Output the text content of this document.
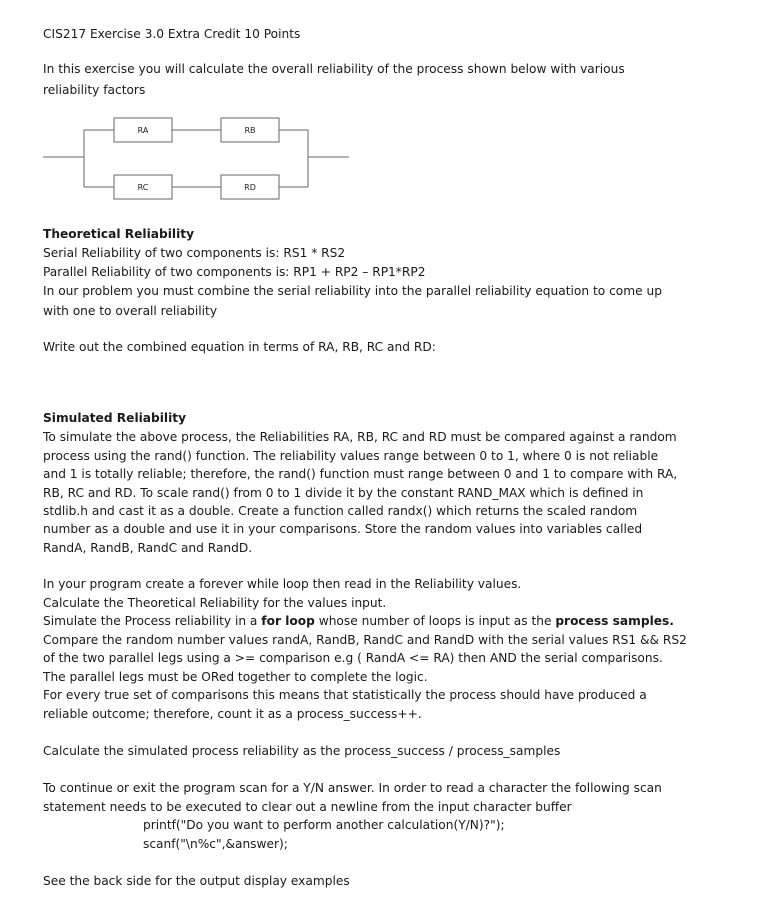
CIS217 Exercise 3.0 Extra Credit 10 Points
In this exercise you will calculate the overall reliability of the process shown below with various
reliability factors
RA	RB
RC	RD
Theoretical Reliability
Serial Reliability of two components is: RS1 * RS2
Parallel Reliability of two components is: RP1 + RP2 – RP1*RP2
In our problem you must combine the serial reliability into the parallel reliability equation to come up
with one to overall reliability
Write out the combined equation in terms of RA, RB, RC and RD:
Simulated Reliability
To simulate the above process, the Reliabilities RA, RB, RC and RD must be compared against a random
process using the rand() function. The reliability values range between 0 to 1, where 0 is not reliable
and 1 is totally reliable; therefore, the rand() function must range between 0 and 1 to compare with RA,
RB, RC and RD. To scale rand() from 0 to 1 divide it by the constant RAND_MAX which is defined in
stdlib.h and cast it as a double. Create a function called randx() which returns the scaled random
number as a double and use it in your comparisons. Store the random values into variables called
RandA, RandB, RandC and RandD.
In your program create a forever while loop then read in the Reliability values.
Calculate the Theoretical Reliability for the values input.
Simulate the Process reliability in a for loop whose number of loops is input as the process samples.
Compare the random number values randA, RandB, RandC and RandD with the serial values RS1 && RS2
of the two parallel legs using a >= comparison e.g ( RandA <= RA) then AND the serial comparisons.
The parallel legs must be ORed together to complete the logic.
For every true set of comparisons this means that statistically the process should have produced a
reliable outcome; therefore, count it as a process_success++.
Calculate the simulated process reliability as the process_success / process_samples
To continue or exit the program scan for a Y/N answer. In order to read a character the following scan
statement needs to be executed to clear out a newline from the input character buffer
printf("Do you want to perform another calculation(Y/N)?");
scanf("\n%c",&answer);
See the back side for the output display examples
